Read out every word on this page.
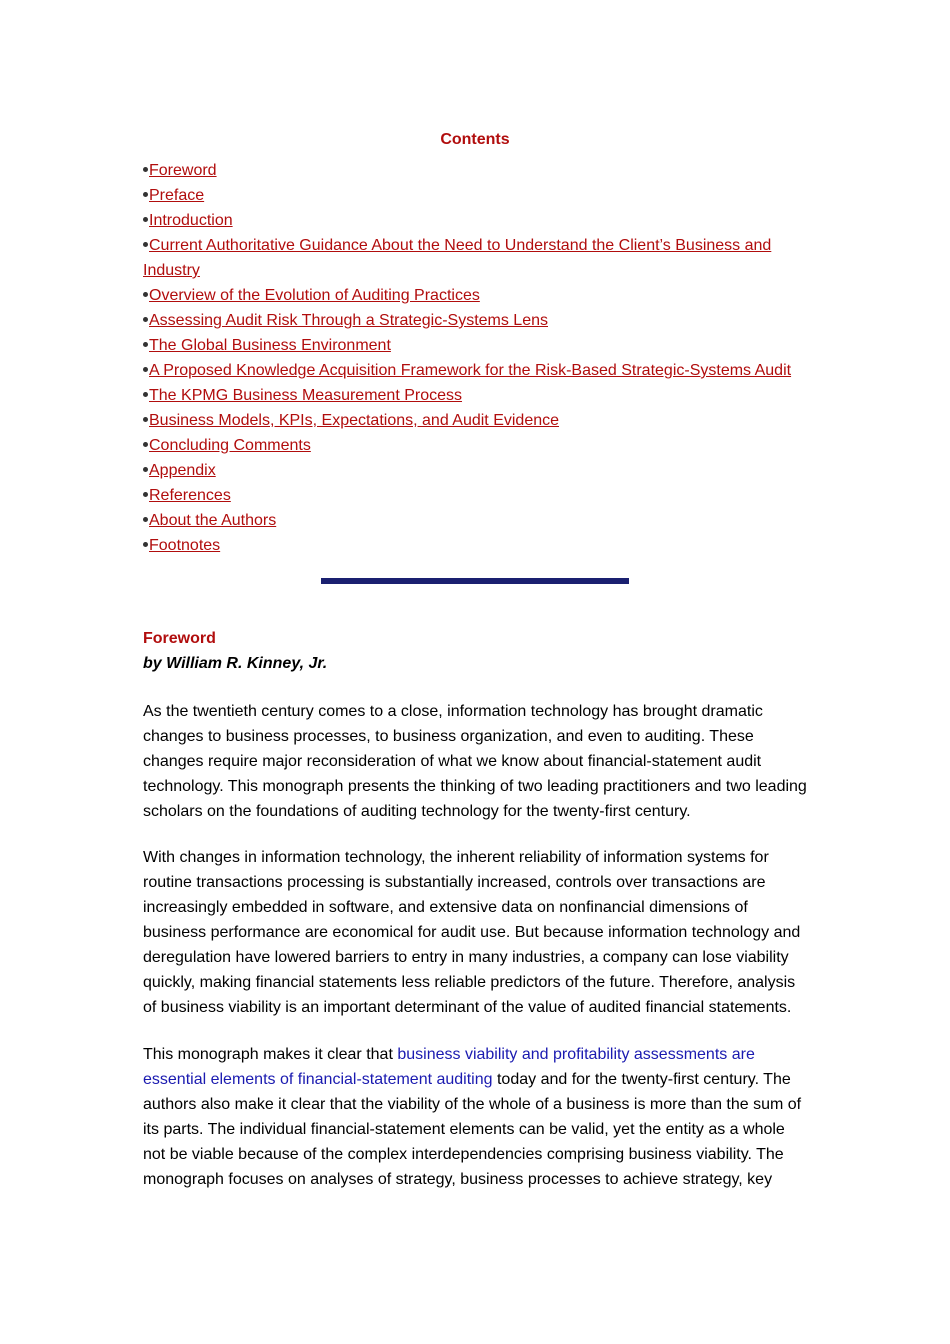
Contents
Foreword
Preface
Introduction
Current Authoritative Guidance About the Need to Understand the Client’s Business and Industry
Overview of the Evolution of Auditing Practices
Assessing Audit Risk Through a Strategic-Systems Lens
The Global Business Environment
A Proposed Knowledge Acquisition Framework for the Risk-Based Strategic-Systems Audit
The KPMG Business Measurement Process
Business Models, KPIs, Expectations, and Audit Evidence
Concluding Comments
Appendix
References
About the Authors
Footnotes
Foreword
by William R. Kinney, Jr.

As the twentieth century comes to a close, information technology has brought dramatic changes to business processes, to business organization, and even to auditing. These changes require major reconsideration of what we know about financial-statement audit technology. This monograph presents the thinking of two leading practitioners and two leading scholars on the foundations of auditing technology for the twenty-first century.

With changes in information technology, the inherent reliability of information systems for routine transactions processing is substantially increased, controls over transactions are increasingly embedded in software, and extensive data on nonfinancial dimensions of business performance are economical for audit use. But because information technology and deregulation have lowered barriers to entry in many industries, a company can lose viability quickly, making financial statements less reliable predictors of the future. Therefore, analysis of business viability is an important determinant of the value of audited financial statements.

This monograph makes it clear that business viability and profitability assessments are essential elements of financial-statement auditing today and for the twenty-first century. The authors also make it clear that the viability of the whole of a business is more than the sum of its parts. The individual financial-statement elements can be valid, yet the entity as a whole not be viable because of the complex interdependencies comprising business viability. The monograph focuses on analyses of strategy, business processes to achieve strategy, key
